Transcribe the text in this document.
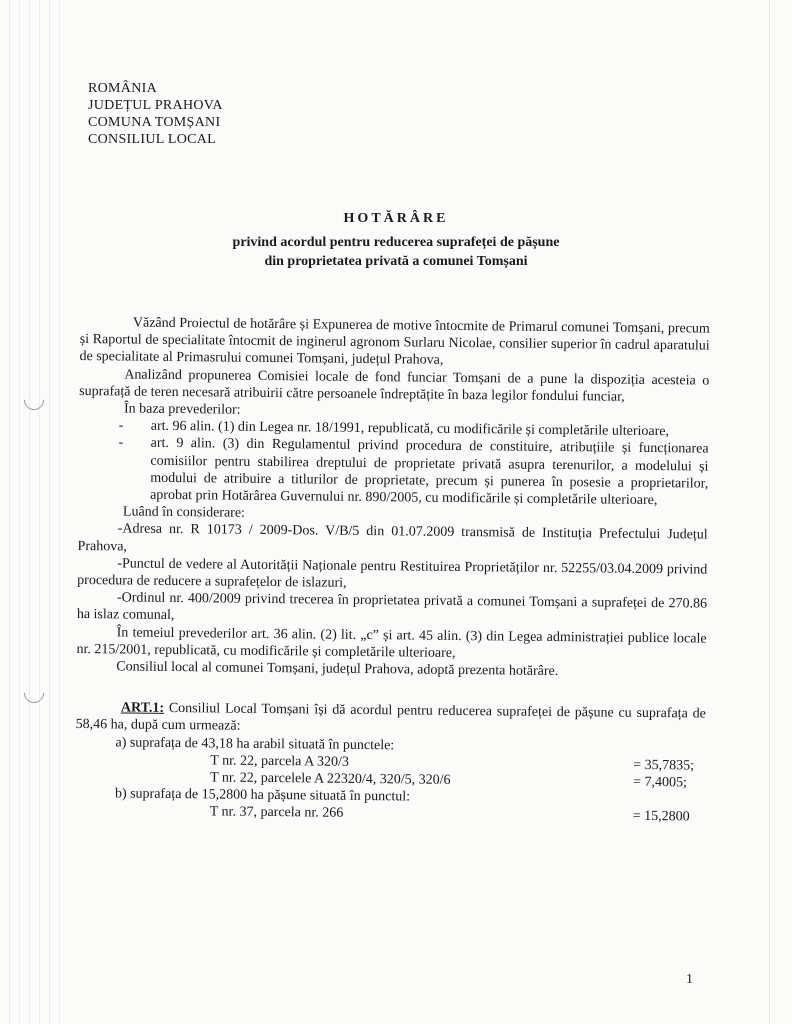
ROMÂNIA
JUDEȚUL PRAHOVA
COMUNA TOMȘANI
CONSILIUL LOCAL
HOTĂRÂRE
privind acordul pentru reducerea suprafeței de pășune
din proprietatea privată a comunei Tomșani

Văzând Proiectul de hotărâre și Expunerea de motive întocmite de Primarul comunei Tomșani, precum și Raportul de specialitate întocmit de inginerul agronom Surlaru Nicolae, consilier superior în cadrul aparatului de specialitate al Primasrului comunei Tomșani, județul Prahova,

Analizând propunerea Comisiei locale de fond funciar Tomșani de a pune la dispoziția acesteia o suprafață de teren necesară atribuirii către persoanele îndreptățite în baza legilor fondului funciar,

În baza prevederilor:

-	art. 96 alin. (1) din Legea nr. 18/1991, republicată, cu modificările și completările ulterioare,
-	art. 9 alin. (3) din Regulamentul privind procedura de constituire, atribuțiile și funcționarea comisiilor pentru stabilirea dreptului de proprietate privată asupra terenurilor, a modelului și modului de atribuire a titlurilor de proprietate, precum și punerea în posesie a proprietarilor, aprobat prin Hotărârea Guvernului nr. 890/2005, cu modificările și completările ulterioare,

Luând în considerare:

-Adresa nr. R 10173 / 2009-Dos. V/B/5 din 01.07.2009 transmisă de Instituția Prefectului Județul Prahova,

-Punctul de vedere al Autorității Naționale pentru Restituirea Proprietăților nr. 52255/03.04.2009 privind procedura de reducere a suprafețelor de islazuri,

-Ordinul nr. 400/2009 privind trecerea în proprietatea privată a comunei Tomșani a suprafeței de 270.86 ha islaz comunal,

În temeiul prevederilor art. 36 alin. (2) lit. „c” și art. 45 alin. (3) din Legea administrației publice locale nr. 215/2001, republicată, cu modificările și completările ulterioare,

Consiliul local al comunei Tomșani, județul Prahova, adoptă prezenta hotărâre.

ART.1: Consiliul Local Tomșani își dă acordul pentru reducerea suprafeței de pășune cu suprafața de 58,46 ha, după cum urmează:

a) suprafața de 43,18 ha arabil situată în punctele:
T nr. 22, parcela A 320/3	= 35,7835;
T nr. 22, parcelele A 22320/4, 320/5, 320/6	= 7,4005;
b) suprafața de 15,2800 ha pășune situată în punctul:
T nr. 37, parcela nr. 266	= 15,2800
1
